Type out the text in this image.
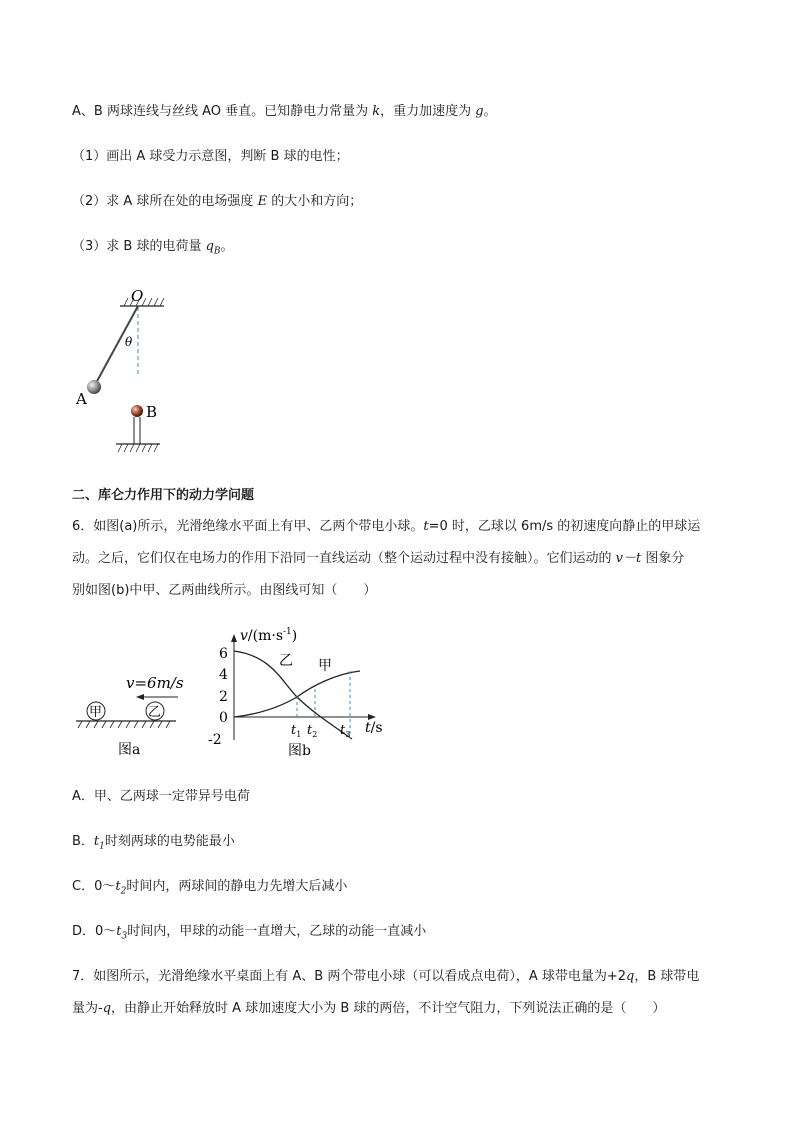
A、B 两球连线与丝线 AO 垂直。已知静电力常量为 k，重力加速度为 g。
（1）画出 A 球受力示意图，判断 B 球的电性；
（2）求 A 球所在处的电场强度 E 的大小和方向；
（3）求 B 球的电荷量 $q_B$。
O
θ
A
B
二、库仑力作用下的动力学问题
6．如图(a)所示，光滑绝缘水平面上有甲、乙两个带电小球。t=0 时，乙球以 6m/s 的初速度向静止的甲球运
动。之后，它们仅在电场力的作用下沿同一直线运动（整个运动过程中没有接触）。它们运动的 v－t 图象分
别如图(b)中甲、乙两曲线所示。由图线可知（　　）
v=6m/s
甲	乙
图a
$v/(m\cdot s^{-1})$
6
4
2
0
-2
乙 甲
$t_1$ $t_2$ $t_3$ t/s
图b
A．甲、乙两球一定带异号电荷
B．$t_1$时刻两球的电势能最小
C．$0\sim t_2$时间内，两球间的静电力先增大后减小
D．$0\sim t_3$时间内，甲球的动能一直增大，乙球的动能一直减小
7．如图所示，光滑绝缘水平桌面上有 A、B 两个带电小球（可以看成点电荷），A 球带电量为+2q，B 球带电
量为-q，由静止开始释放时 A 球加速度大小为 B 球的两倍，不计空气阻力，下列说法正确的是（　　）
